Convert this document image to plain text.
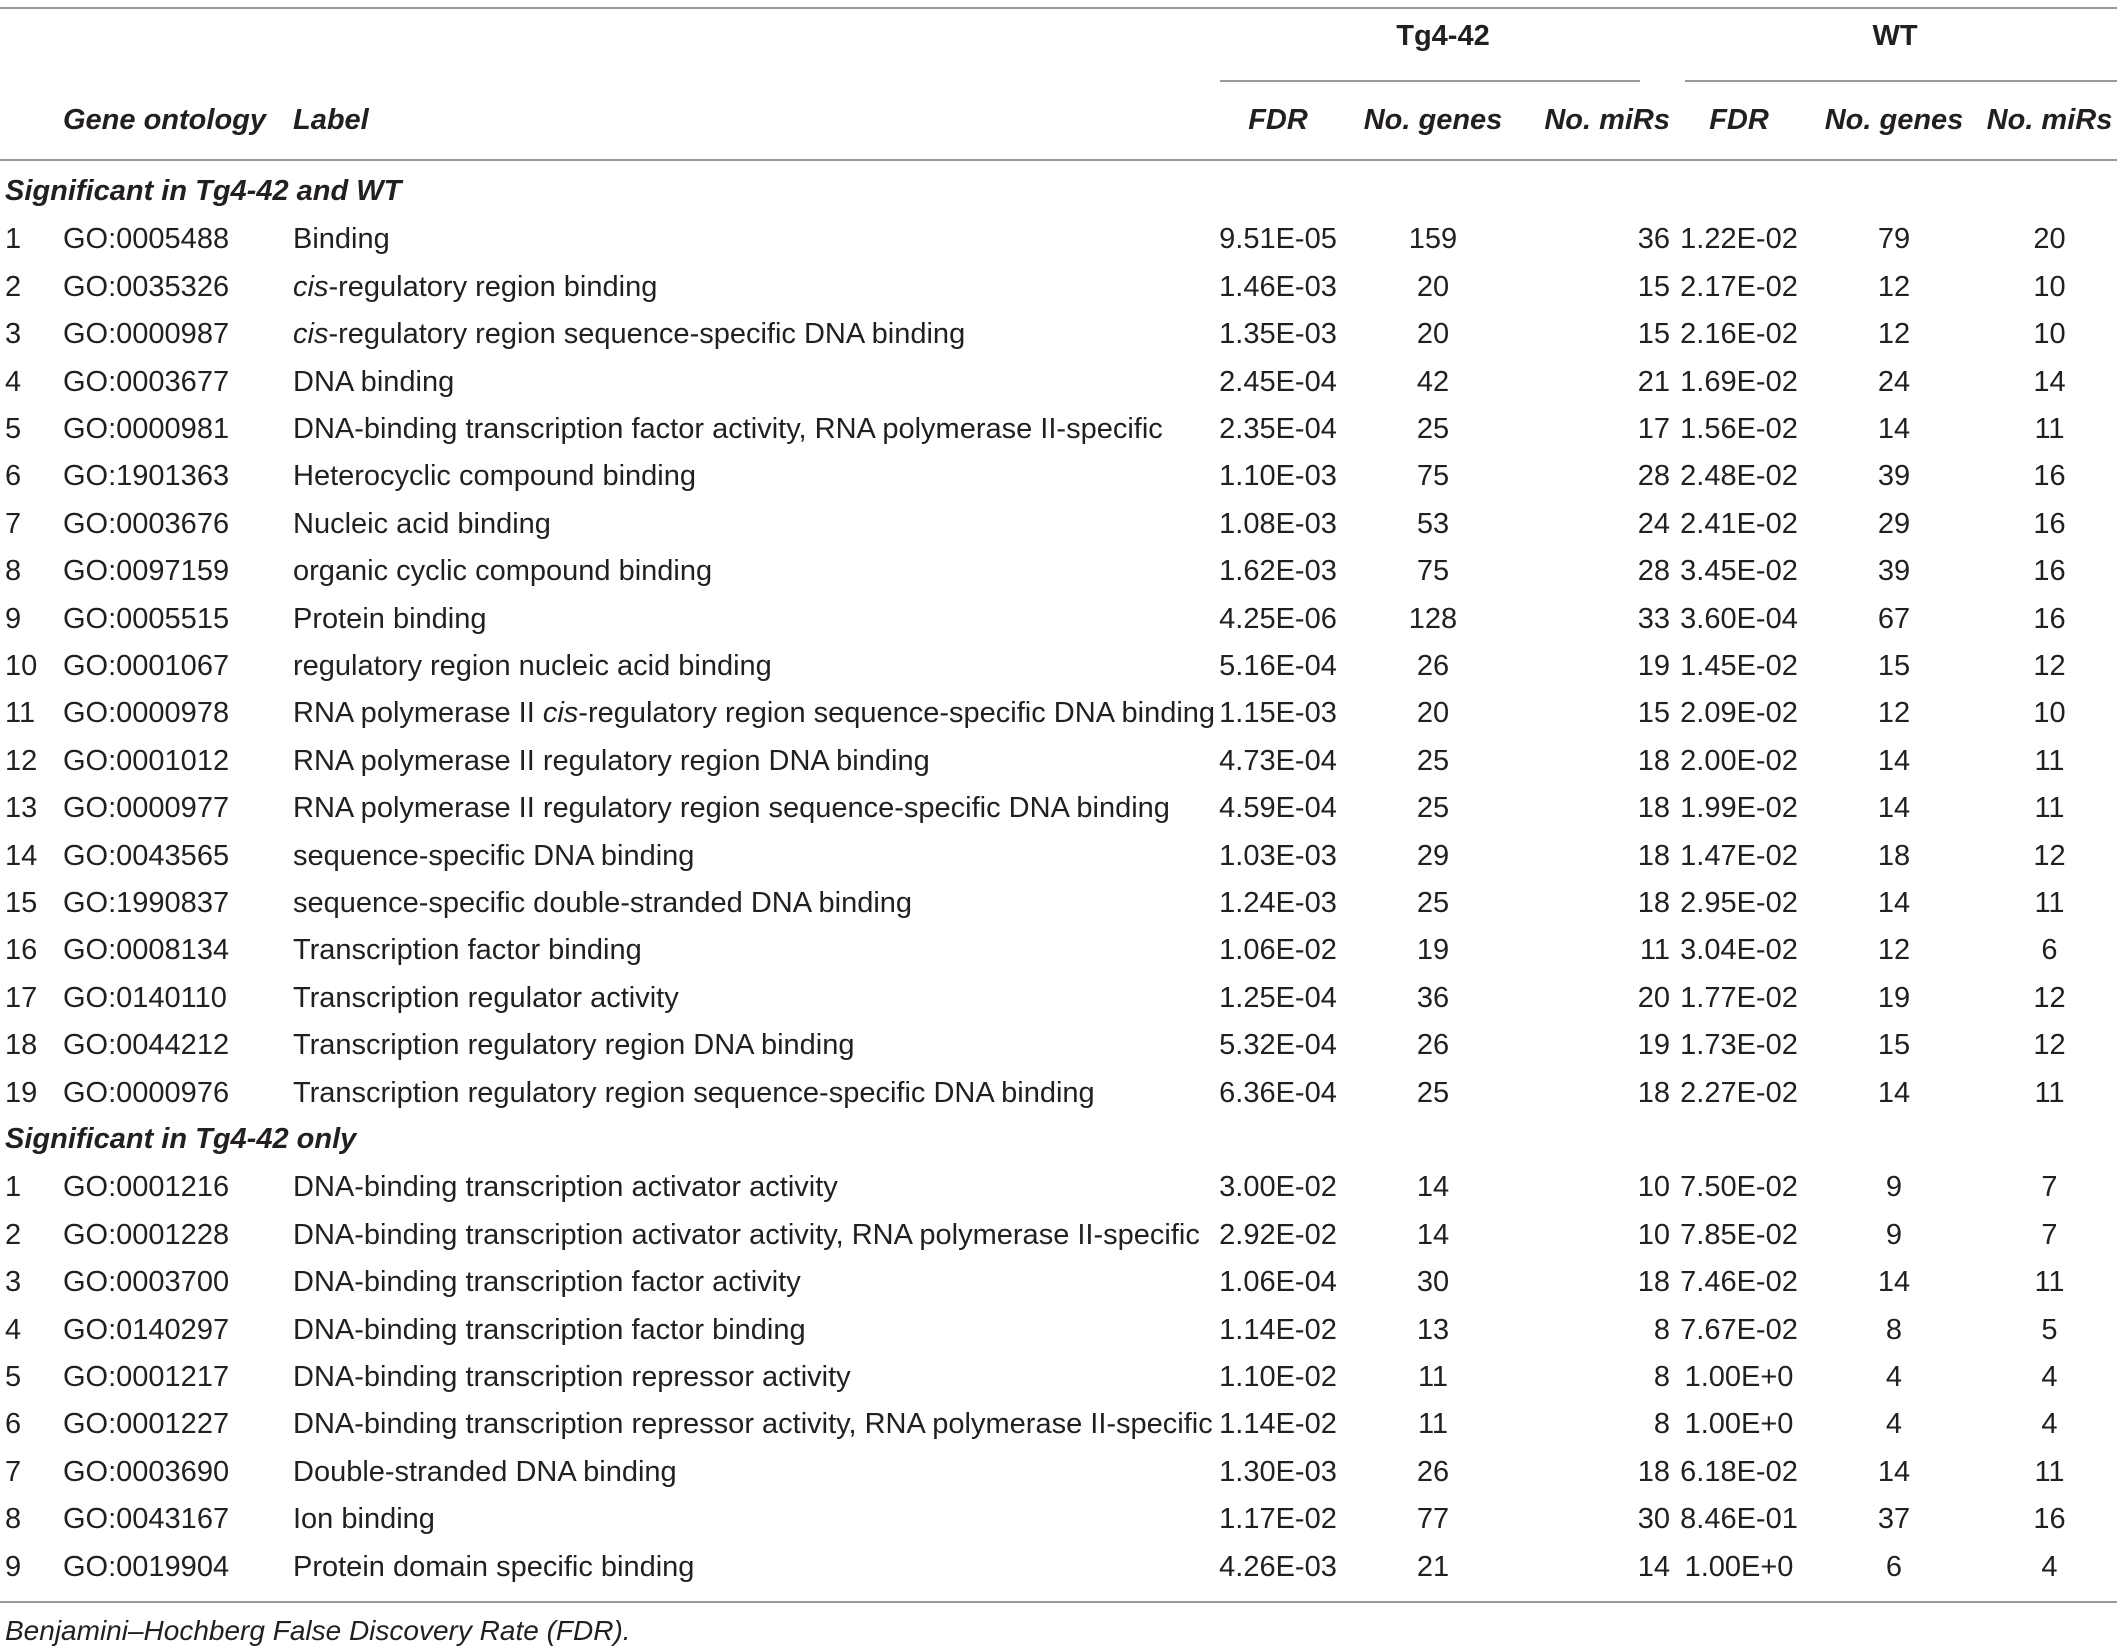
Tg4-42	WT
Gene ontology Label	FDR	No. genes	No. miRs	FDR	No. genes No. miRs
Significant in Tg4-42 and WT
1 GO:0005488 Binding	9.51E-05	159	36 1.22E-02	79	20
2 GO:0035326 cis-regulatory region binding	1.46E-03	20	15 2.17E-02	12	10
3 GO:0000987 cis-regulatory region sequence-specific DNA binding	1.35E-03	20	15 2.16E-02	12	10
4 GO:0003677 DNA binding	2.45E-04	42	21 1.69E-02	24	14
5 GO:0000981 DNA-binding transcription factor activity, RNA polymerase II-specific 2.35E-04	25	17 1.56E-02	14	11
6 GO:1901363 Heterocyclic compound binding	1.10E-03	75	28 2.48E-02	39	16
7 GO:0003676 Nucleic acid binding	1.08E-03	53	24 2.41E-02	29	16
8 GO:0097159 organic cyclic compound binding	1.62E-03	75	28 3.45E-02	39	16
9 GO:0005515 Protein binding	4.25E-06	128	33 3.60E-04	67	16
10 GO:0001067 regulatory region nucleic acid binding	5.16E-04	26	19 1.45E-02	15	12
11 GO:0000978 RNA polymerase II cis-regulatory region sequence-specific DNA binding 1.15E-03	20	15 2.09E-02	12	10
12 GO:0001012 RNA polymerase II regulatory region DNA binding	4.73E-04	25	18 2.00E-02	14	11
13 GO:0000977 RNA polymerase II regulatory region sequence-specific DNA binding 4.59E-04	25	18 1.99E-02	14	11
14 GO:0043565 sequence-specific DNA binding	1.03E-03	29	18 1.47E-02	18	12
15 GO:1990837 sequence-specific double-stranded DNA binding	1.24E-03	25	18 2.95E-02	14	11
16 GO:0008134 Transcription factor binding	1.06E-02	19	11 3.04E-02	12	6
17 GO:0140110 Transcription regulator activity	1.25E-04	36	20 1.77E-02	19	12
18 GO:0044212 Transcription regulatory region DNA binding	5.32E-04	26	19 1.73E-02	15	12
19 GO:0000976 Transcription regulatory region sequence-specific DNA binding	6.36E-04	25	18 2.27E-02	14	11
Significant in Tg4-42 only
1 GO:0001216 DNA-binding transcription activator activity	3.00E-02	14	10 7.50E-02	9	7
2 GO:0001228 DNA-binding transcription activator activity, RNA polymerase II-specific 2.92E-02	14	10 7.85E-02	9	7
3 GO:0003700 DNA-binding transcription factor activity	1.06E-04	30	18 7.46E-02	14	11
4 GO:0140297 DNA-binding transcription factor binding	1.14E-02	13	8 7.67E-02	8	5
5 GO:0001217 DNA-binding transcription repressor activity	1.10E-02	11	8 1.00E+0	4	4
6 GO:0001227 DNA-binding transcription repressor activity, RNA polymerase II-specific 1.14E-02	11	8 1.00E+0	4	4
7 GO:0003690 Double-stranded DNA binding	1.30E-03	26	18 6.18E-02	14	11
8 GO:0043167 Ion binding	1.17E-02	77	30 8.46E-01	37	16
9 GO:0019904 Protein domain specific binding	4.26E-03	21	14 1.00E+0	6	4
Benjamini–Hochberg False Discovery Rate (FDR).
